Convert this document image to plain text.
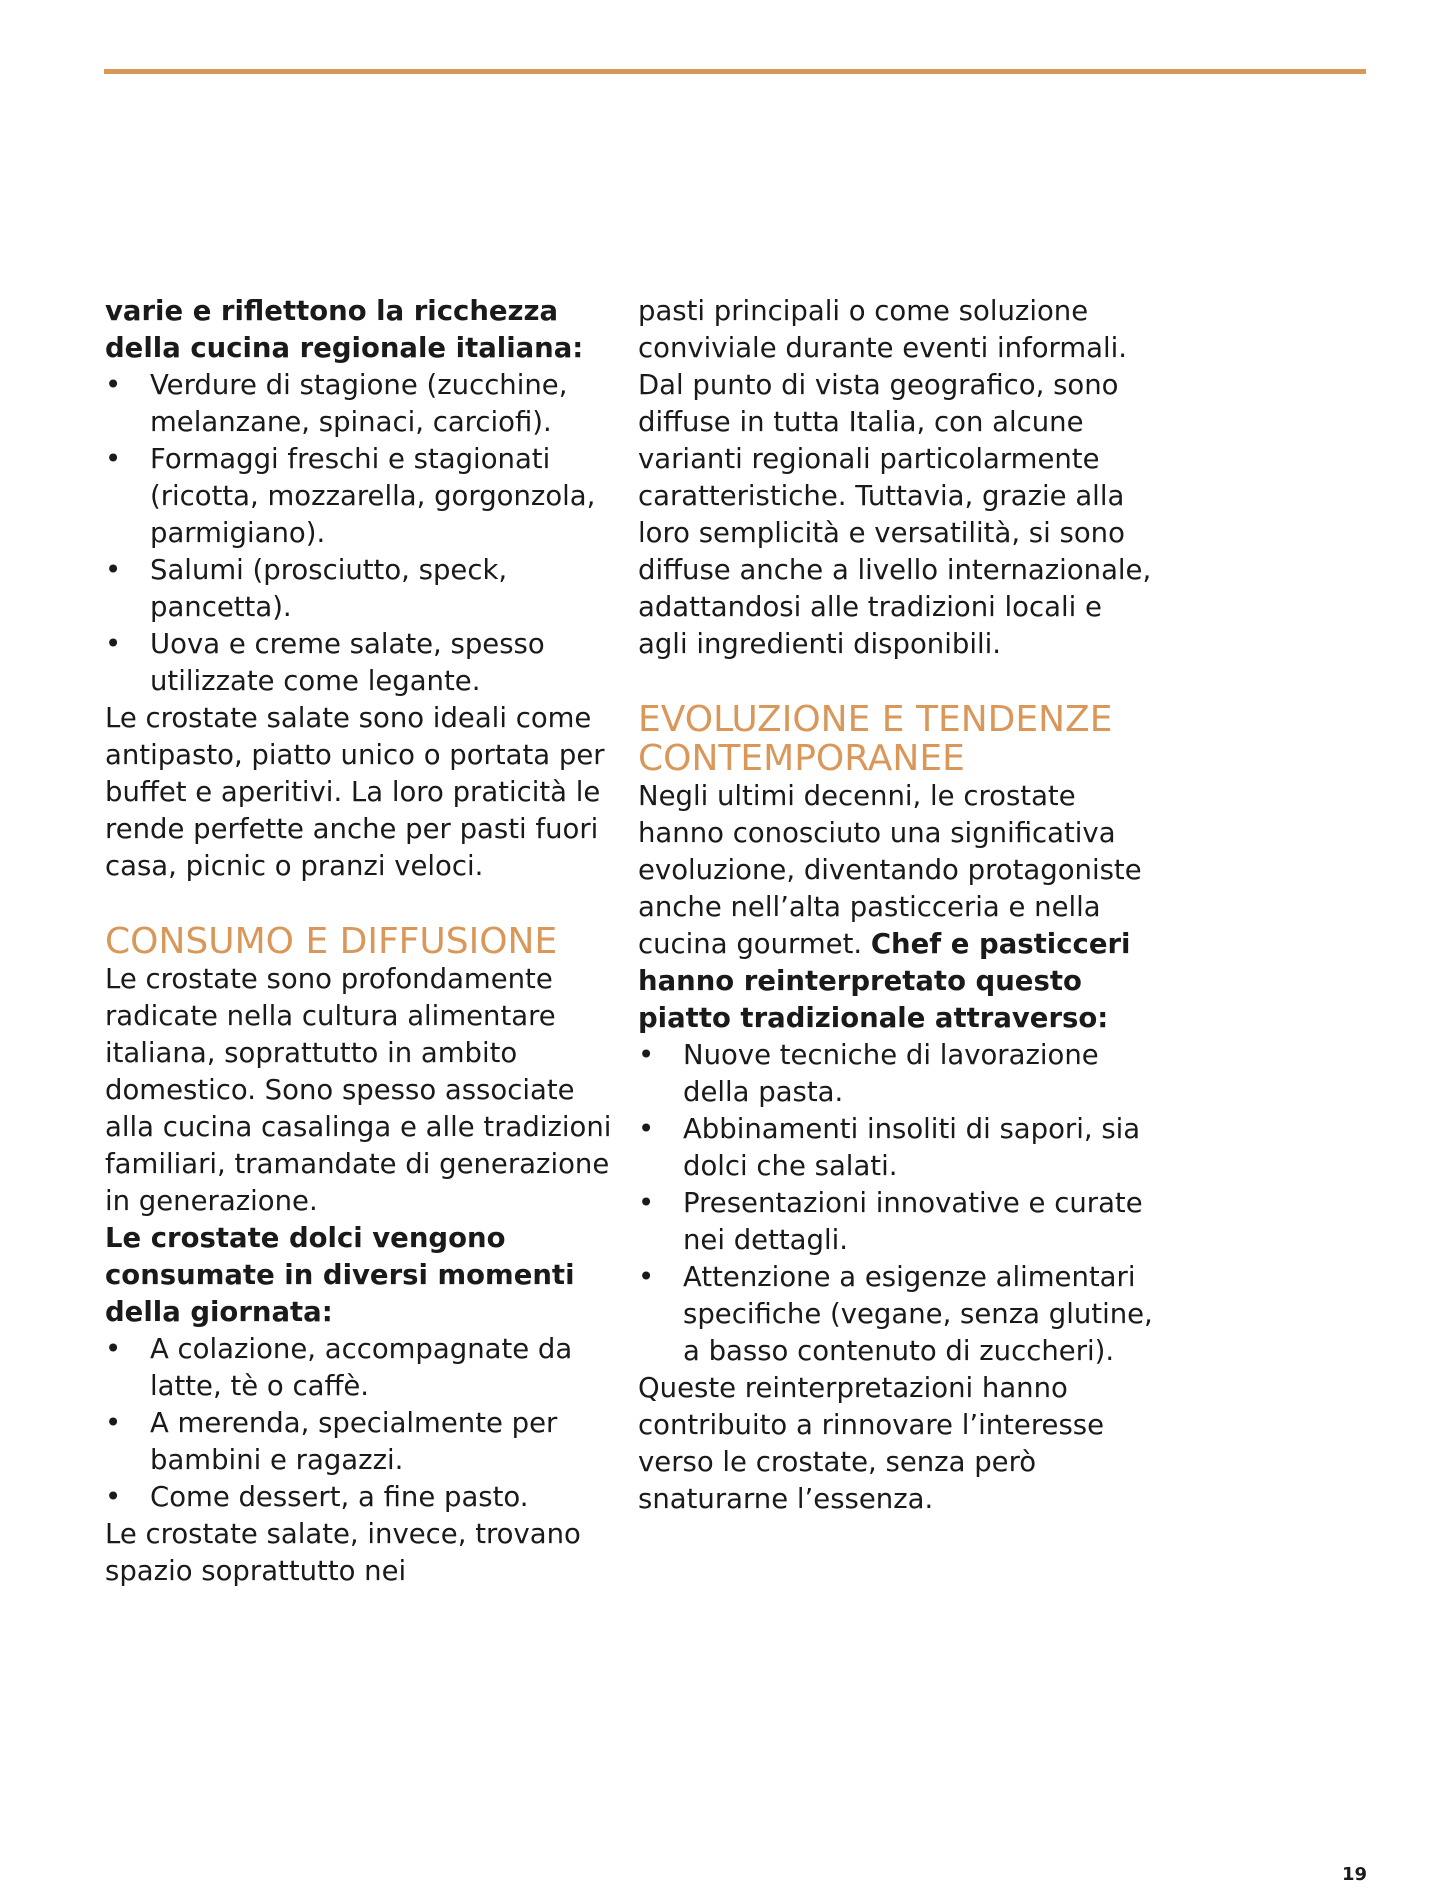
varie e riflettono la ricchezza della cucina regionale italiana:

• Verdure di stagione (zucchine, melanzane, spinaci, carciofi).
• Formaggi freschi e stagionati (ricotta, mozzarella, gorgonzola, parmigiano).
• Salumi (prosciutto, speck, pancetta).
• Uova e creme salate, spesso utilizzate come legante.

Le crostate salate sono ideali come antipasto, piatto unico o portata per buffet e aperitivi. La loro praticità le rende perfette anche per pasti fuori casa, picnic o pranzi veloci.

CONSUMO E DIFFUSIONE

Le crostate sono profondamente radicate nella cultura alimentare italiana, soprattutto in ambito domestico. Sono spesso associate alla cucina casalinga e alle tradizioni familiari, tramandate di generazione in generazione.

Le crostate dolci vengono consumate in diversi momenti della giornata:

• A colazione, accompagnate da latte, tè o caffè.
• A merenda, specialmente per bambini e ragazzi.
• Come dessert, a fine pasto.

Le crostate salate, invece, trovano spazio soprattutto nei

pasti principali o come soluzione conviviale durante eventi informali. Dal punto di vista geografico, sono diffuse in tutta Italia, con alcune varianti regionali particolarmente caratteristiche. Tuttavia, grazie alla loro semplicità e versatilità, si sono diffuse anche a livello internazionale, adattandosi alle tradizioni locali e agli ingredienti disponibili.

EVOLUZIONE E TENDENZE CONTEMPORANEE

Negli ultimi decenni, le crostate hanno conosciuto una significativa evoluzione, diventando protagoniste anche nell’alta pasticceria e nella cucina gourmet. Chef e pasticceri hanno reinterpretato questo piatto tradizionale attraverso:

• Nuove tecniche di lavorazione della pasta.
• Abbinamenti insoliti di sapori, sia dolci che salati.
• Presentazioni innovative e curate nei dettagli.
• Attenzione a esigenze alimentari specifiche (vegane, senza glutine, a basso contenuto di zuccheri).

Queste reinterpretazioni hanno contribuito a rinnovare l’interesse verso le crostate, senza però snaturarne l’essenza.

19
